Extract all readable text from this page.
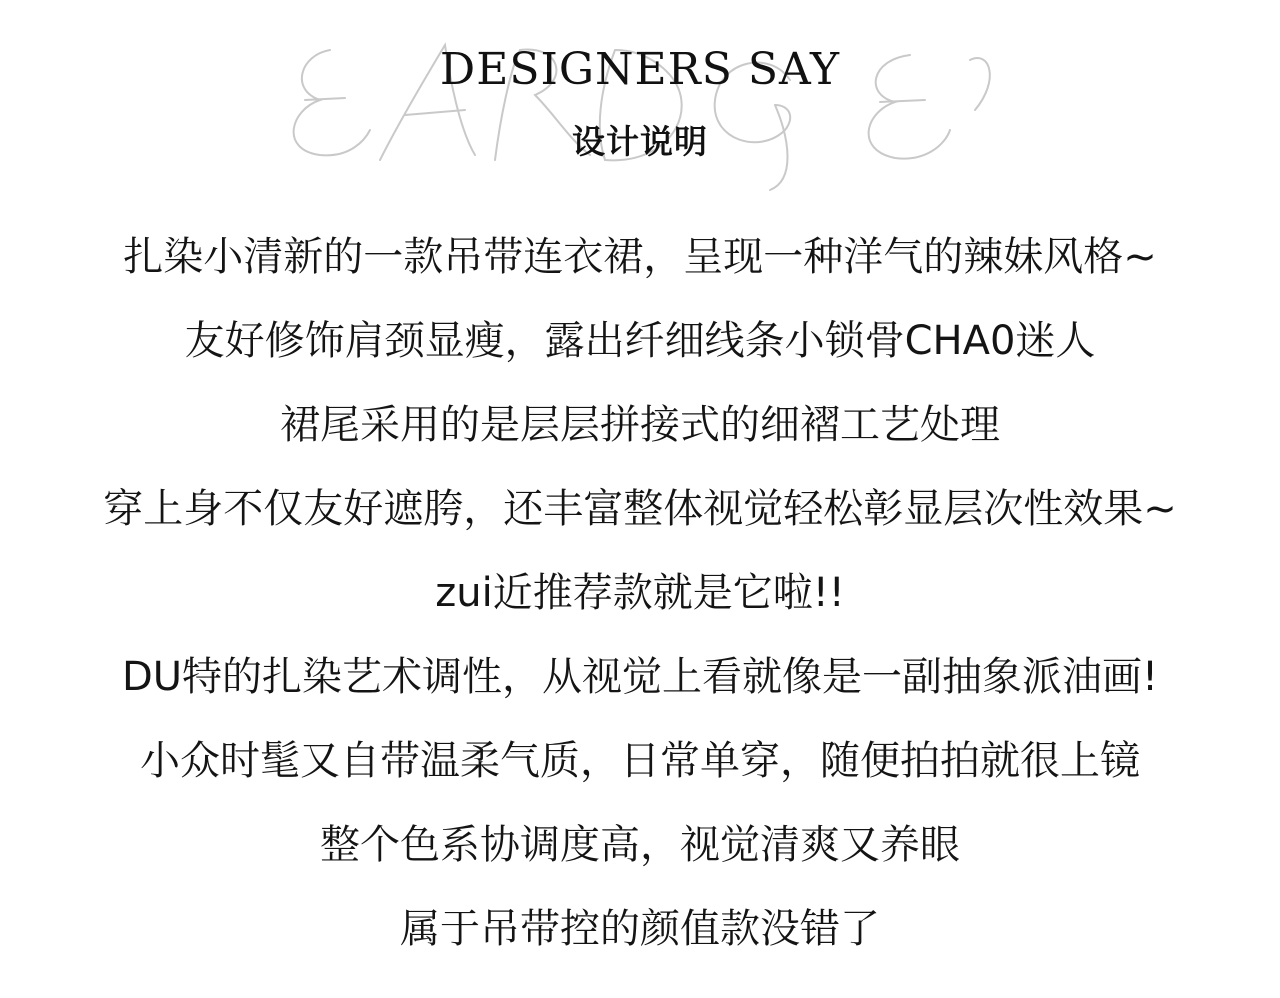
DESIGNERS SAY
设计说明
扎染小清新的一款吊带连衣裙，呈现一种洋气的辣妹风格~
友好修饰肩颈显瘦，露出纤细线条小锁骨CHA0迷人
裙尾采用的是层层拼接式的细褶工艺处理
穿上身不仅友好遮胯，还丰富整体视觉轻松彰显层次性效果~
zui近推荐款就是它啦!!
DU特的扎染艺术调性，从视觉上看就像是一副抽象派油画!
小众时髦又自带温柔气质，日常单穿，随便拍拍就很上镜
整个色系协调度高，视觉清爽又养眼
属于吊带控的颜值款没错了
